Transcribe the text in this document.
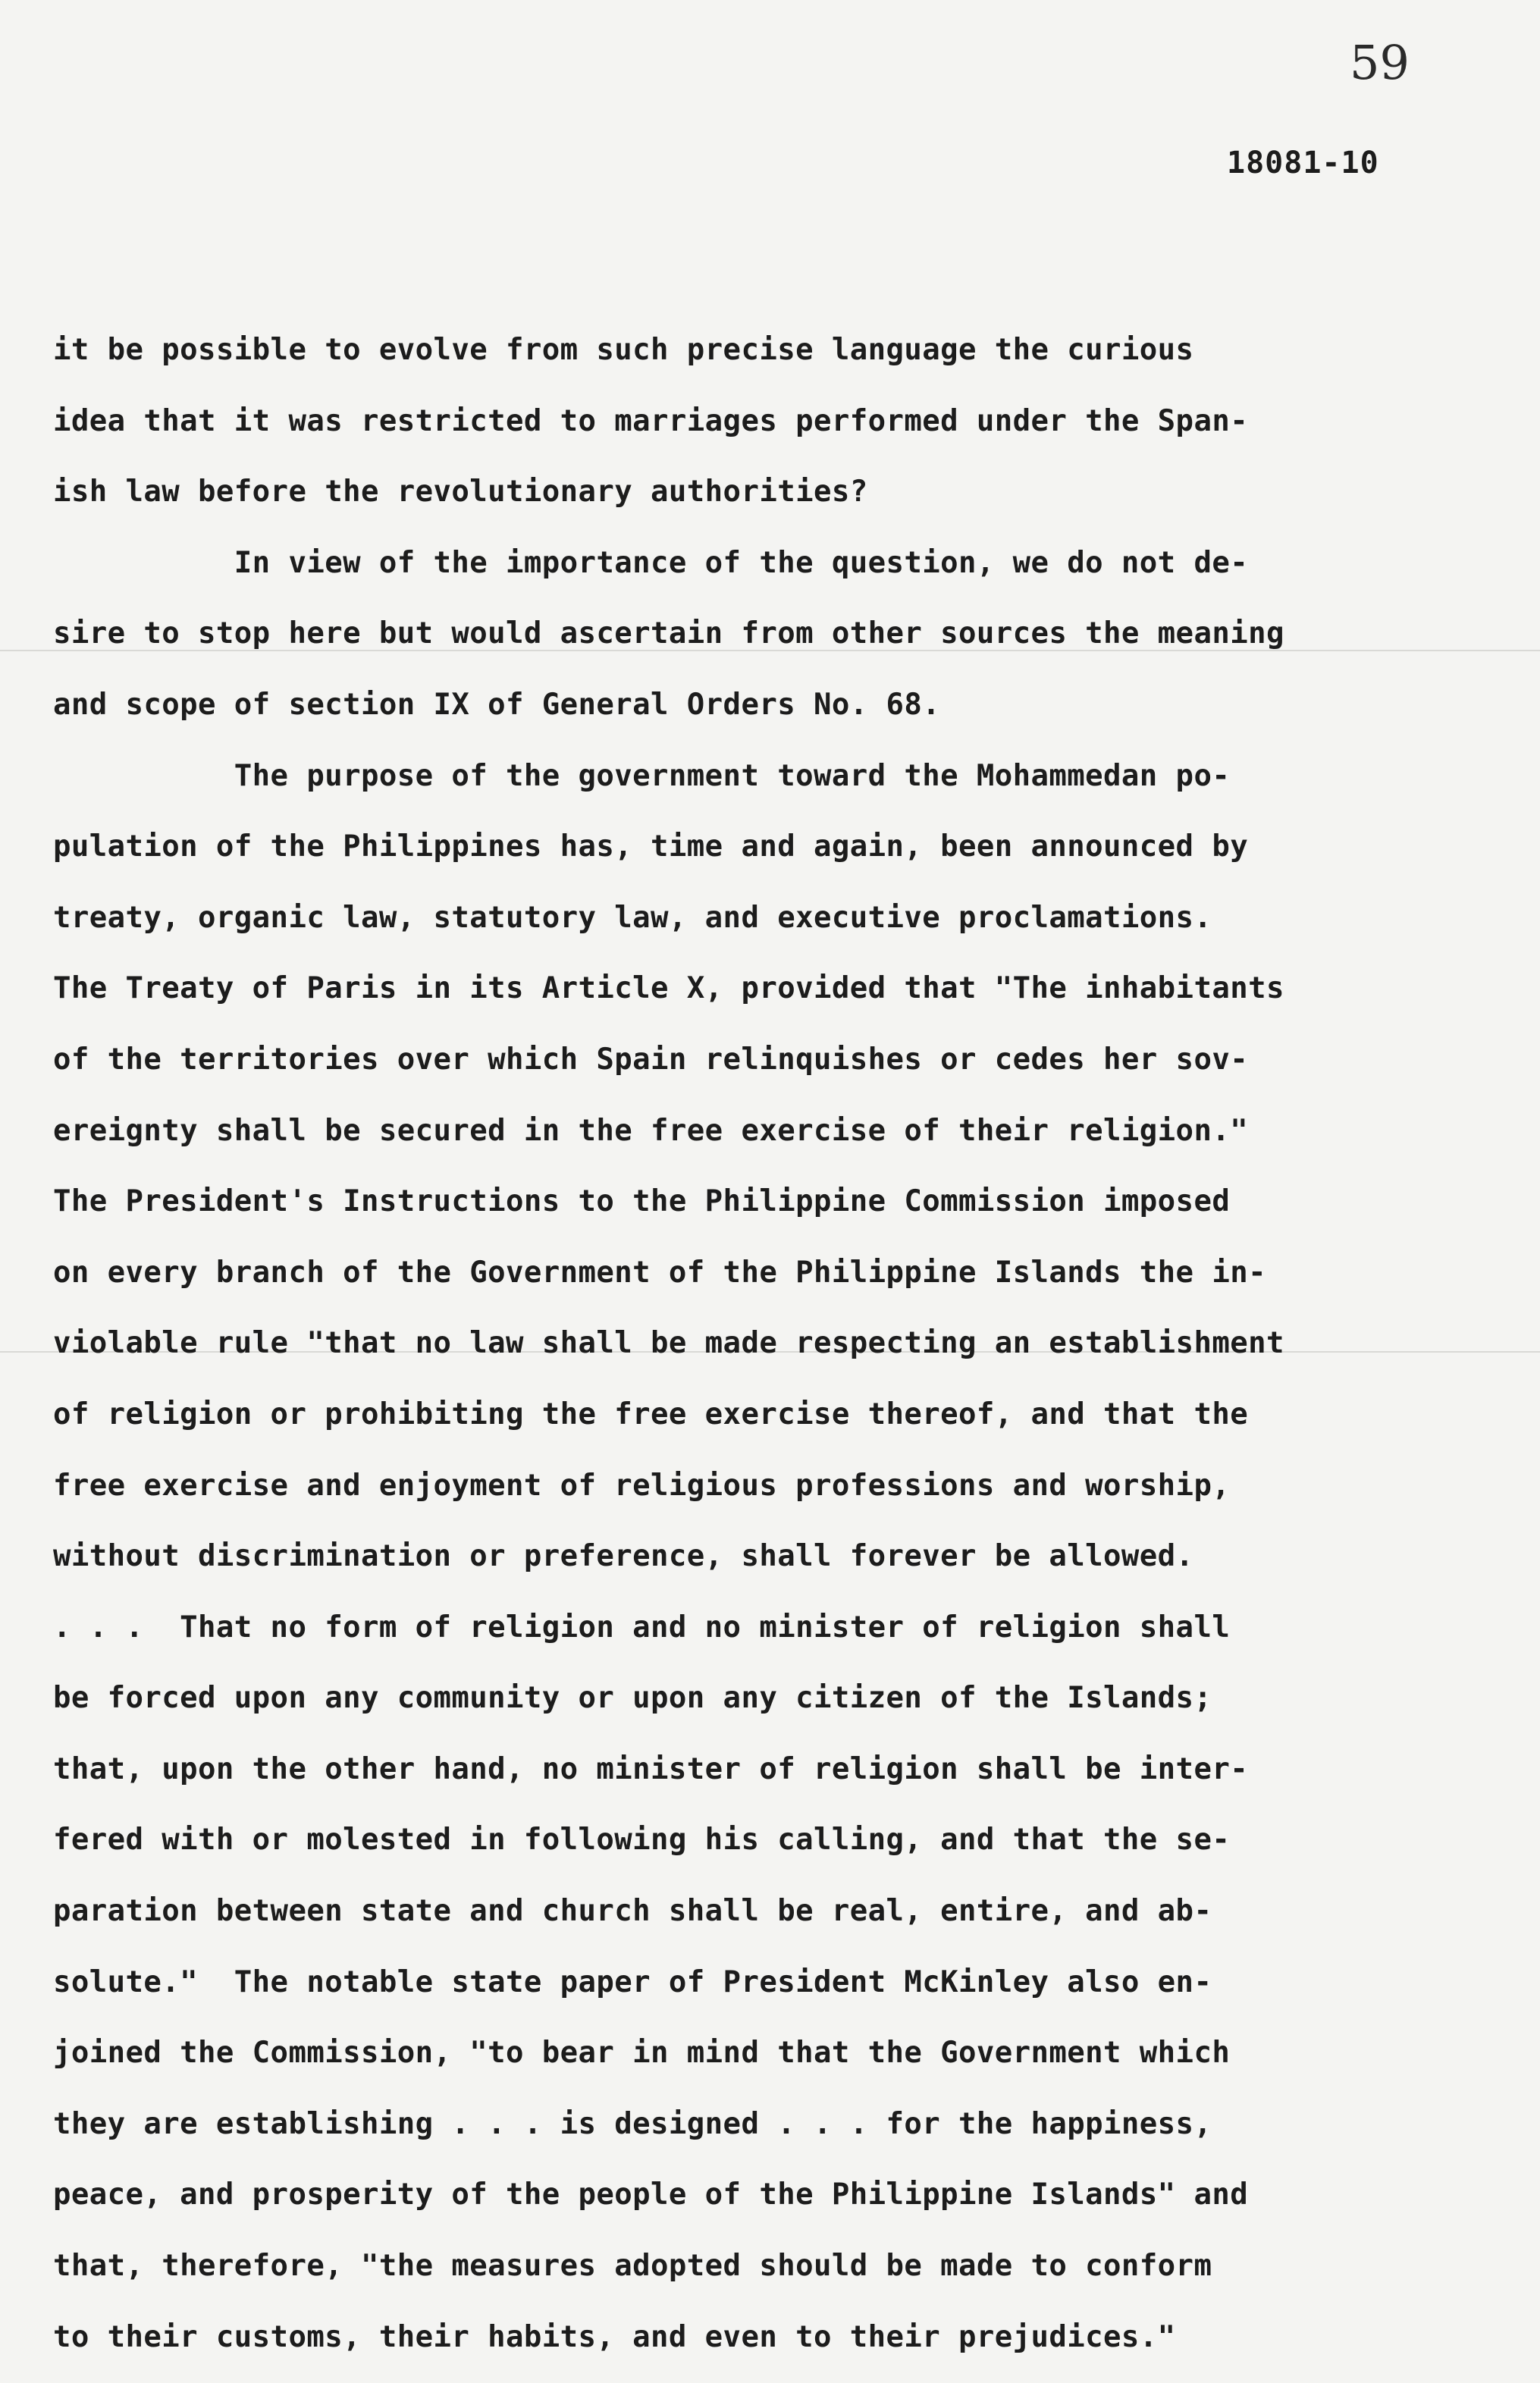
59
18081-10
it be possible to evolve from such precise language the curious
idea that it was restricted to marriages performed under the Span-
ish law before the revolutionary authorities?
In view of the importance of the question, we do not de-
sire to stop here but would ascertain from other sources the meaning
and scope of section IX of General Orders No. 68.
The purpose of the government toward the Mohammedan po-
pulation of the Philippines has, time and again, been announced by
treaty, organic law, statutory law, and executive proclamations.
The Treaty of Paris in its Article X, provided that "The inhabitants
of the territories over which Spain relinquishes or cedes her sov-
ereignty shall be secured in the free exercise of their religion."
The President's Instructions to the Philippine Commission imposed
on every branch of the Government of the Philippine Islands the in-
violable rule "that no law shall be made respecting an establishment
of religion or prohibiting the free exercise thereof, and that the
free exercise and enjoyment of religious professions and worship,
without discrimination or preference, shall forever be allowed.
. . .  That no form of religion and no minister of religion shall
be forced upon any community or upon any citizen of the Islands;
that, upon the other hand, no minister of religion shall be inter-
fered with or molested in following his calling, and that the se-
paration between state and church shall be real, entire, and ab-
solute."  The notable state paper of President McKinley also en-
joined the Commission, "to bear in mind that the Government which
they are establishing . . . is designed . . . for the happiness,
peace, and prosperity of the people of the Philippine Islands" and
that, therefore, "the measures adopted should be made to conform
to their customs, their habits, and even to their prejudices."
